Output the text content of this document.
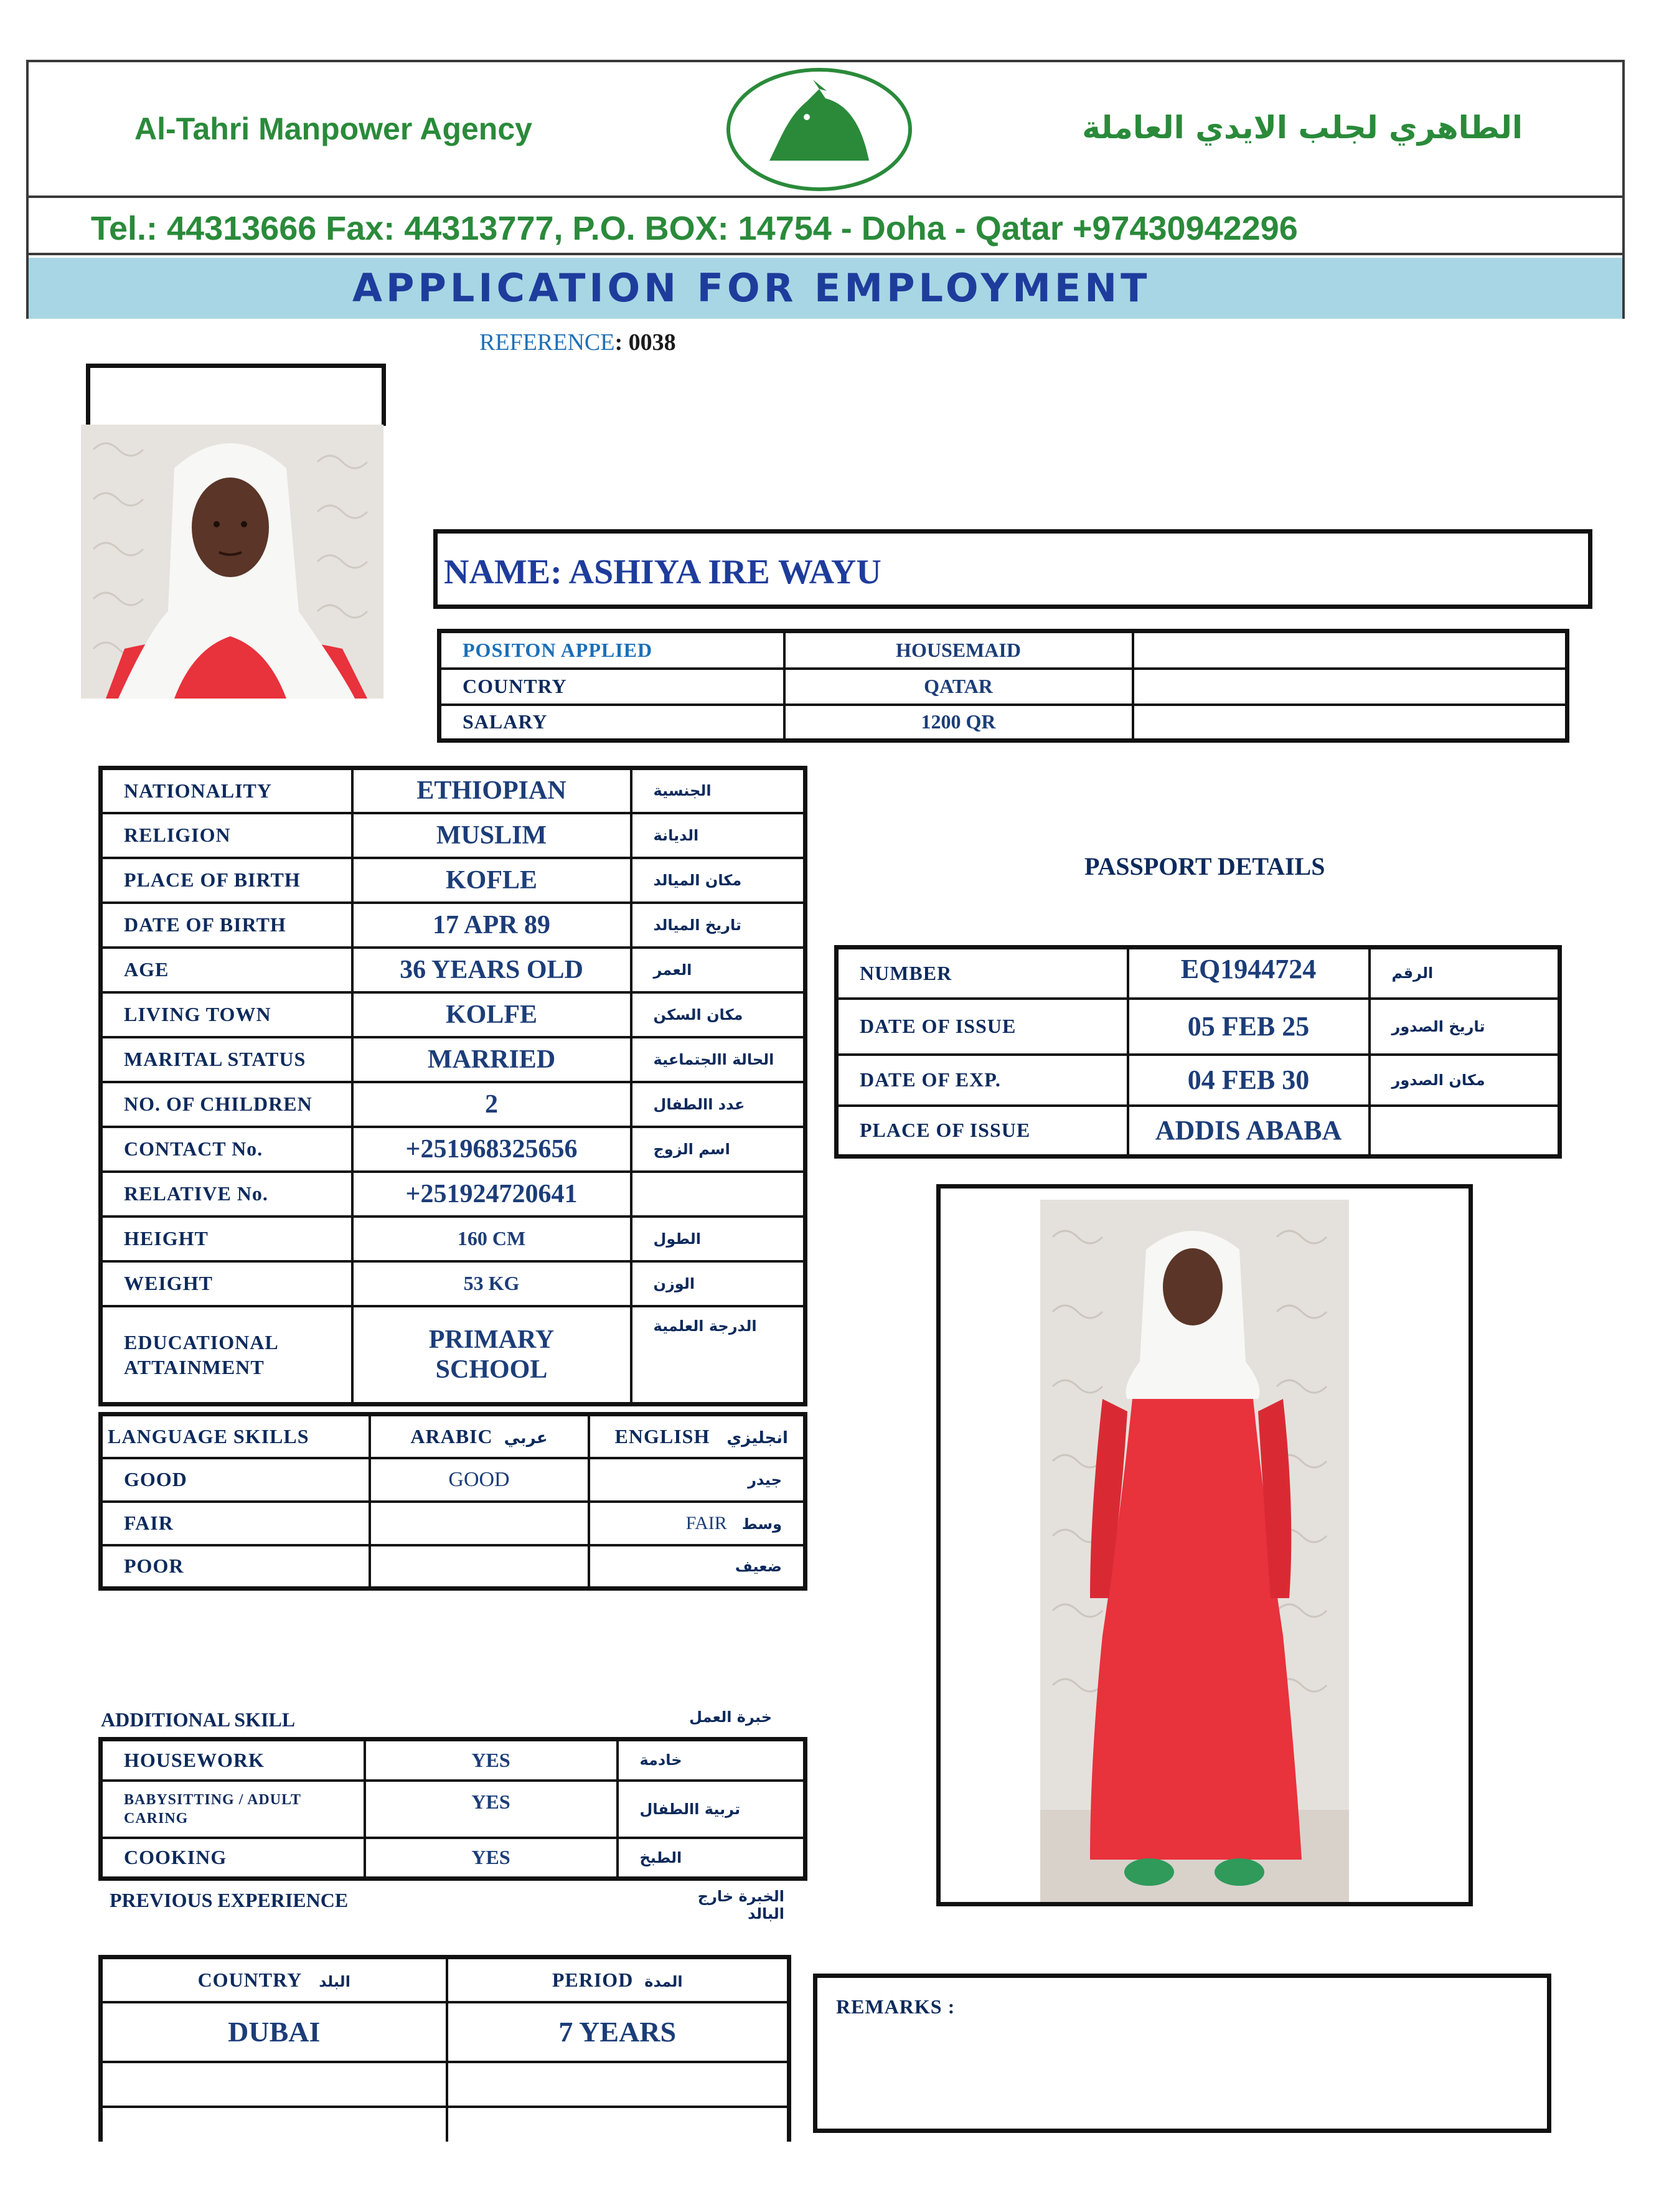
Al-Tahri Manpower Agency	الطاهري لجلب الايدي العاملة
Tel.: 44313666 Fax: 44313777, P.O. BOX: 14754 - Doha - Qatar +97430942296
APPLICATION FOR EMPLOYMENT
REFERENCE: 0038
NAME: ASHIYA IRE WAYU
POSITON APPLIED	HOUSEMAID	
COUNTRY	QATAR	
SALARY	1200 QR	
NATIONALITY	ETHIOPIAN	الجنسية
RELIGION	MUSLIM	الديانة
PLACE OF BIRTH	KOFLE	مكان الميالد
DATE OF BIRTH	17 APR 89	تاريخ الميالد
AGE	36 YEARS OLD	العمر
LIVING TOWN	KOLFE	مكان السكن
MARITAL STATUS	MARRIED	الحالة االجتماعية
NO. OF CHILDREN	2	عدد االطفال
CONTACT No.	+251968325656	اسم الزوج
RELATIVE No.	+251924720641	
HEIGHT	160 CM	الطول
WEIGHT	53 KG	الوزن
EDUCATIONAL ATTAINMENT	PRIMARY SCHOOL	الدرجة العلمية
PASSPORT DETAILS
NUMBER	EQ1944724	الرقم
DATE OF ISSUE	05 FEB 25	تاريخ الصدور
DATE OF EXP.	04 FEB 30	مكان الصدور
PLACE OF ISSUE	ADDIS ABABA	
LANGUAGE SKILLS	ARABIC عربي	ENGLISH انجليزي
GOOD	GOOD	جيدر
FAIR		FAIR وسط
POOR		ضعيف
ADDITIONAL SKILL	خبرة العمل
HOUSEWORK	YES	خادمة
BABYSITTING / ADULT CARING	YES	تربية االطفال
COOKING	YES	الطبخ
PREVIOUS EXPERIENCE	الخبرة خارج البالد
COUNTRY البلد	PERIOD المدة
DUBAI	7 YEARS

REMARKS :
